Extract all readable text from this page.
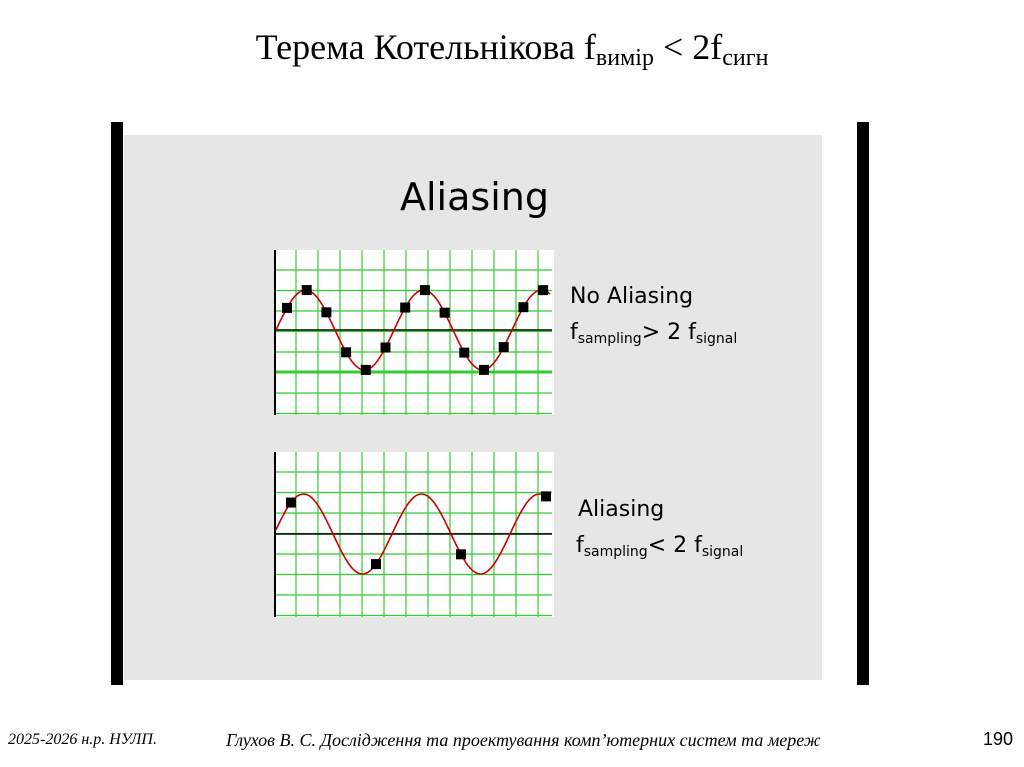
Терема Котельнікова $f_{вимір} < 2f_{сигн}$
Aliasing
No Aliasing
$f_{sampling}> 2$ $f_{signal}$
Aliasing
$f_{sampling}< 2$ $f_{signal}$
2025-2026 н.р. НУЛП.	Глухов В. С. Дослідження та проектування комп’ютерних систем та мереж	190
